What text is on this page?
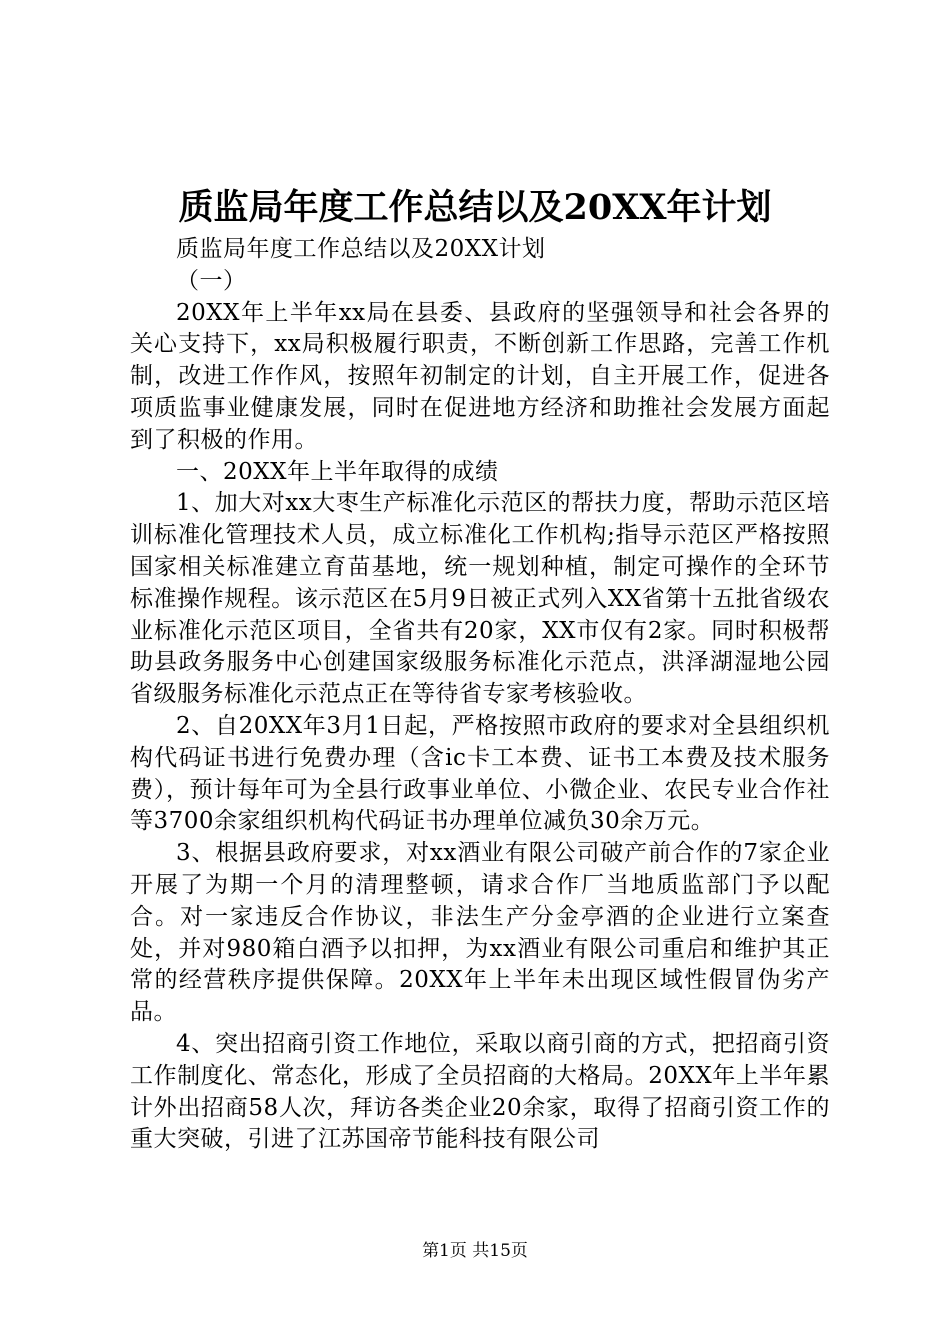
质监局年度工作总结以及20XX年计划

质监局年度工作总结以及20XX计划

（一）

20XX年上半年xx局在县委、县政府的坚强领导和社会各界的关心支持下，xx局积极履行职责，不断创新工作思路，完善工作机制，改进工作作风，按照年初制定的计划，自主开展工作，促进各项质监事业健康发展，同时在促进地方经济和助推社会发展方面起到了积极的作用。

一、20XX年上半年取得的成绩

1、加大对xx大枣生产标准化示范区的帮扶力度，帮助示范区培训标准化管理技术人员，成立标准化工作机构;指导示范区严格按照国家相关标准建立育苗基地，统一规划种植，制定可操作的全环节标准操作规程。该示范区在5月9日被正式列入XX省第十五批省级农业标准化示范区项目，全省共有20家，XX市仅有2家。同时积极帮助县政务服务中心创建国家级服务标准化示范点，洪泽湖湿地公园省级服务标准化示范点正在等待省专家考核验收。

2、自20XX年3月1日起，严格按照市政府的要求对全县组织机构代码证书进行免费办理（含ic卡工本费、证书工本费及技术服务费），预计每年可为全县行政事业单位、小微企业、农民专业合作社等3700余家组织机构代码证书办理单位减负30余万元。

3、根据县政府要求，对xx酒业有限公司破产前合作的7家企业开展了为期一个月的清理整顿，请求合作厂当地质监部门予以配合。对一家违反合作协议，非法生产分金亭酒的企业进行立案查处，并对980箱白酒予以扣押，为xx酒业有限公司重启和维护其正常的经营秩序提供保障。20XX年上半年未出现区域性假冒伪劣产品。

4、突出招商引资工作地位，采取以商引商的方式，把招商引资工作制度化、常态化，形成了全员招商的大格局。20XX年上半年累计外出招商58人次，拜访各类企业20余家，取得了招商引资工作的重大突破，引进了江苏国帝节能科技有限公司

第1页 共15页
